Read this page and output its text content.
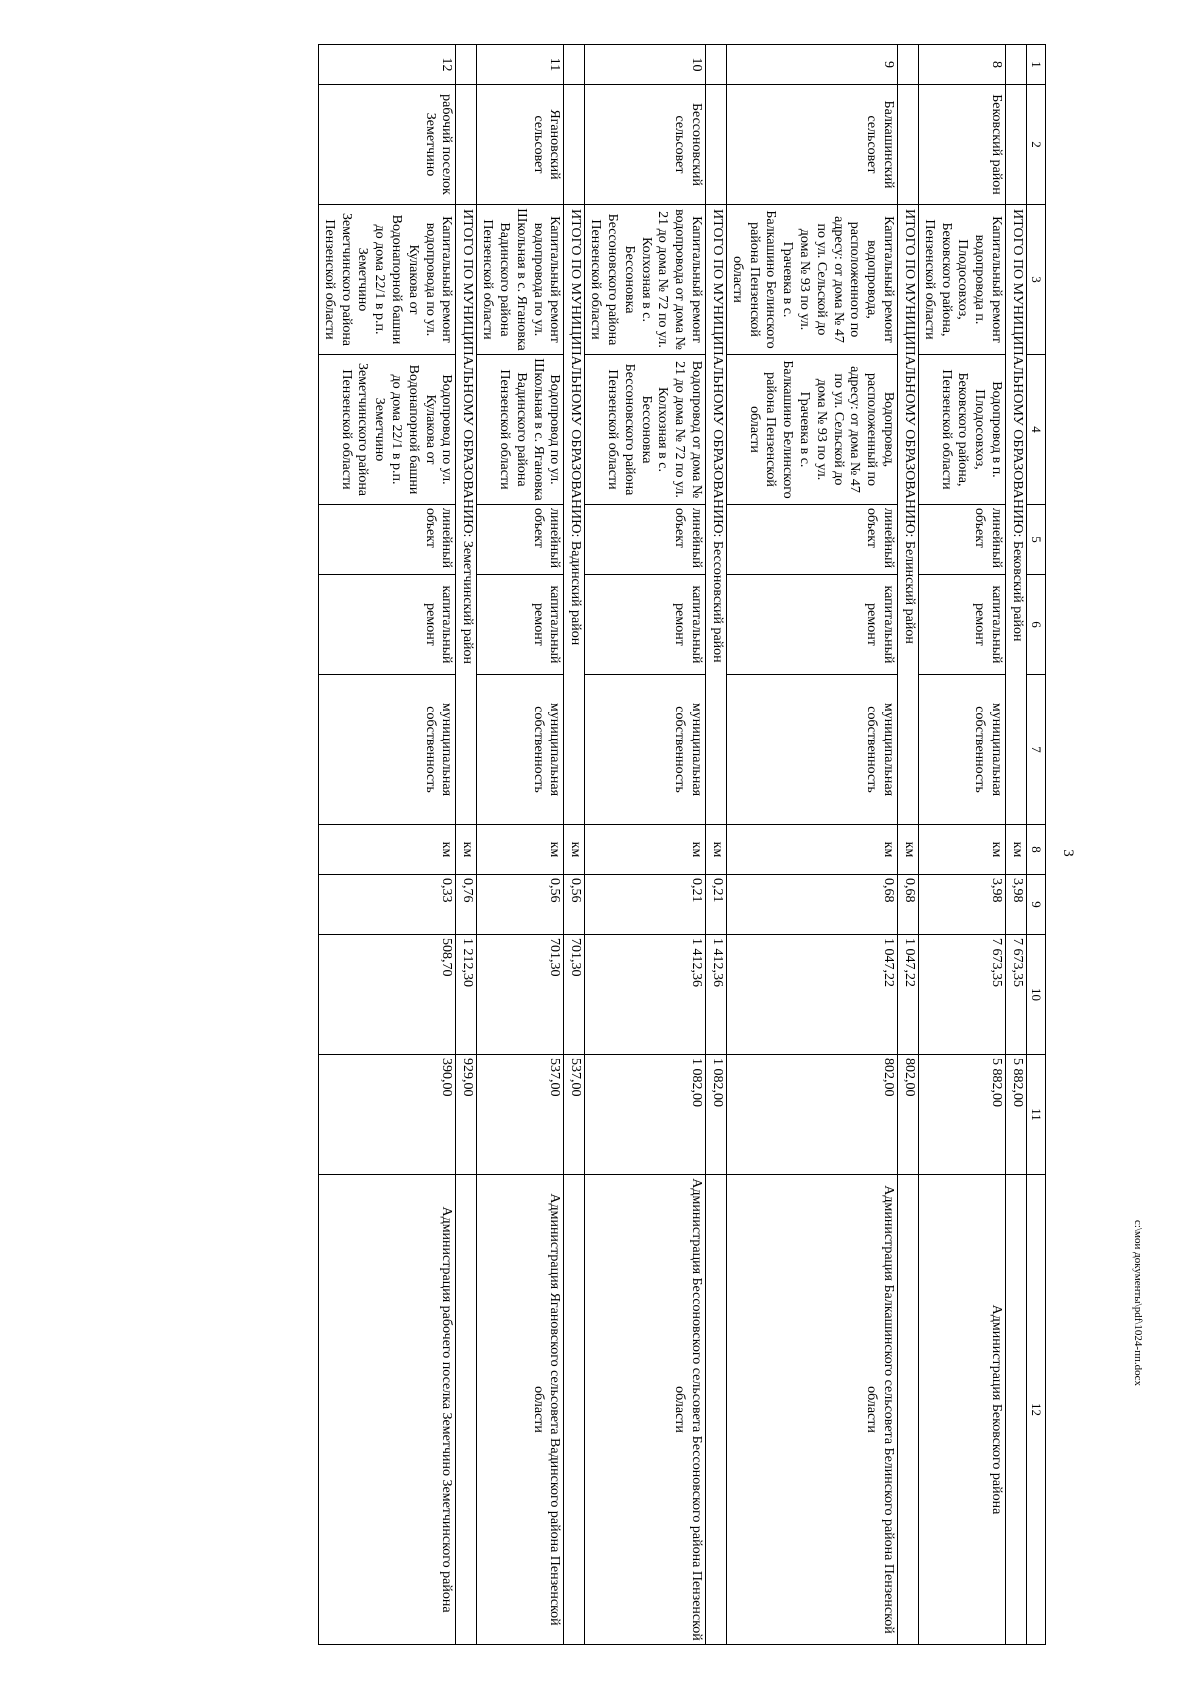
3
1	2	3	4	5	6	7	8	9	10	11	12
		ИТОГО ПО МУНИЦИПАЛЬНОМУ ОБРАЗОВАНИЮ: Бековский район					км	3,98	7 673,35	5 882,00	
8	Бековский район	Капитальный ремонт водопровода п. Плодосовхоз, Бековского района, Пензенской области	Водопровод в п. Плодосовхоз, Бековского района, Пензенской области	линейный объект	капитальный ремонт	муниципальная собственность	км	3,98	7 673,35	5 882,00	Администрация Бековского района
		ИТОГО ПО МУНИЦИПАЛЬНОМУ ОБРАЗОВАНИЮ: Белинский район					км	0,68	1 047,22	802,00	
9	Балкашинский сельсовет	Капитальный ремонт водопровода, расположенного по адресу: от дома № 47 по ул. Сельской до дома № 93 по ул. Грачевка в с. Балкашино Белинского района Пензенской области	Водопровод, расположенный по адресу: от дома № 47 по ул. Сельской до дома № 93 по ул. Грачевка в с. Балкашино Белинского района Пензенской области	линейный объект	капитальный ремонт	муниципальная собственность	км	0,68	1 047,22	802,00	Администрация Балкашинского сельсовета Белинского района Пензенской области
		ИТОГО ПО МУНИЦИПАЛЬНОМУ ОБРАЗОВАНИЮ: Бессоновский район					км	0,21	1 412,36	1 082,00	
10	Бессоновский сельсовет	Капитальный ремонт водопровода от дома № 21 до дома № 72 по ул. Колхозная в с. Бессоновка Бессоновского района Пензенской области	Водопровод от дома № 21 до дома № 72 по ул. Колхозная в с. Бессоновка Бессоновского района Пензенской области	линейный объект	капитальный ремонт	муниципальная собственность	км	0,21	1 412,36	1 082,00	Администрация Бессоновского сельсовета Бессоновского района Пензенской области
		ИТОГО ПО МУНИЦИПАЛЬНОМУ ОБРАЗОВАНИЮ: Вадинский район					км	0,56	701,30	537,00	
11	Ягановский сельсовет	Капитальный ремонт водопровода по ул. Школьная в с. Ягановка Вадинского района Пензенской области	Водопровод по ул. Школьная в с. Ягановка Вадинского района Пензенской области	линейный объект	капитальный ремонт	муниципальная собственность	км	0,56	701,30	537,00	Администрация Ягановского сельсовета Вадинского района Пензенской области
		ИТОГО ПО МУНИЦИПАЛЬНОМУ ОБРАЗОВАНИЮ: Земетчинский район					км	0,76	1 212,30	929,00	
12	рабочий поселок Земетчино	Капитальный ремонт водопровода по ул. Кулакова от Водонапорной башни до дома 22/1 в р.п. Земетчино Земетчинского района Пензенской области	Водопровод по ул. Кулакова от Водонапорной башни до дома 22/1 в р.п. Земетчино Земетчинского района Пензенской области	линейный объект	капитальный ремонт	муниципальная собственность	км	0,33	508,70	390,00	Администрация рабочего поселка Земетчино Земетчинского района	c:\мои документы\pdf\1024-пп.docx
